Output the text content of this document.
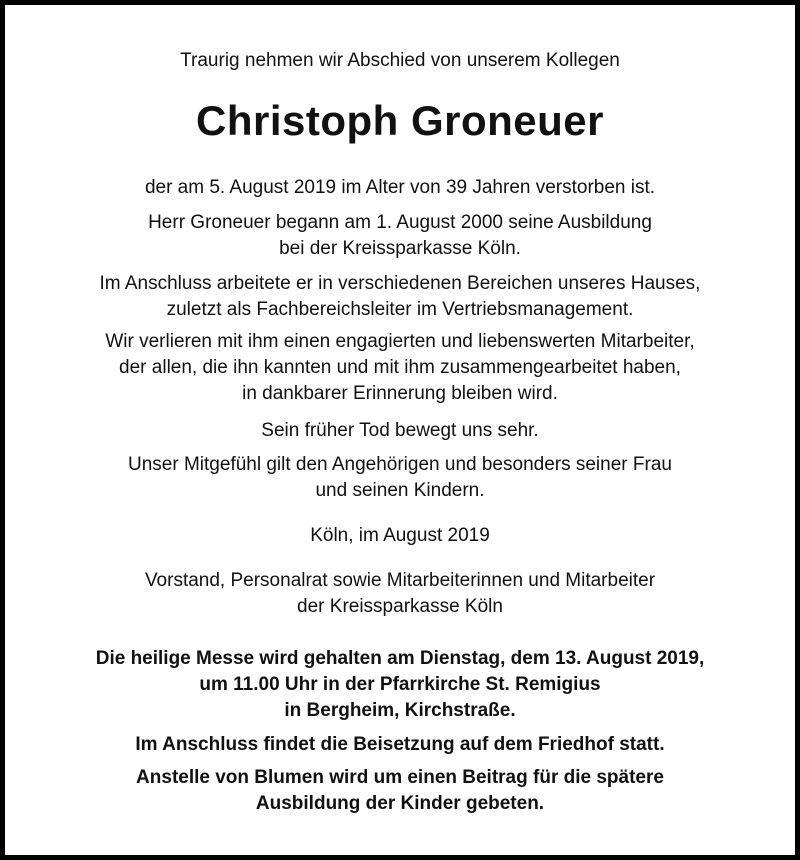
Traurig nehmen wir Abschied von unserem Kollegen
Christoph Groneuer
der am 5. August 2019 im Alter von 39 Jahren verstorben ist.
Herr Groneuer begann am 1. August 2000 seine Ausbildung
bei der Kreissparkasse Köln.
Im Anschluss arbeitete er in verschiedenen Bereichen unseres Hauses,
zuletzt als Fachbereichsleiter im Vertriebsmanagement.
Wir verlieren mit ihm einen engagierten und liebenswerten Mitarbeiter,
der allen, die ihn kannten und mit ihm zusammengearbeitet haben,
in dankbarer Erinnerung bleiben wird.
Sein früher Tod bewegt uns sehr.
Unser Mitgefühl gilt den Angehörigen und besonders seiner Frau
und seinen Kindern.
Köln, im August 2019
Vorstand, Personalrat sowie Mitarbeiterinnen und Mitarbeiter
der Kreissparkasse Köln
Die heilige Messe wird gehalten am Dienstag, dem 13. August 2019,
um 11.00 Uhr in der Pfarrkirche St. Remigius
in Bergheim, Kirchstraße.
Im Anschluss findet die Beisetzung auf dem Friedhof statt.
Anstelle von Blumen wird um einen Beitrag für die spätere
Ausbildung der Kinder gebeten.
